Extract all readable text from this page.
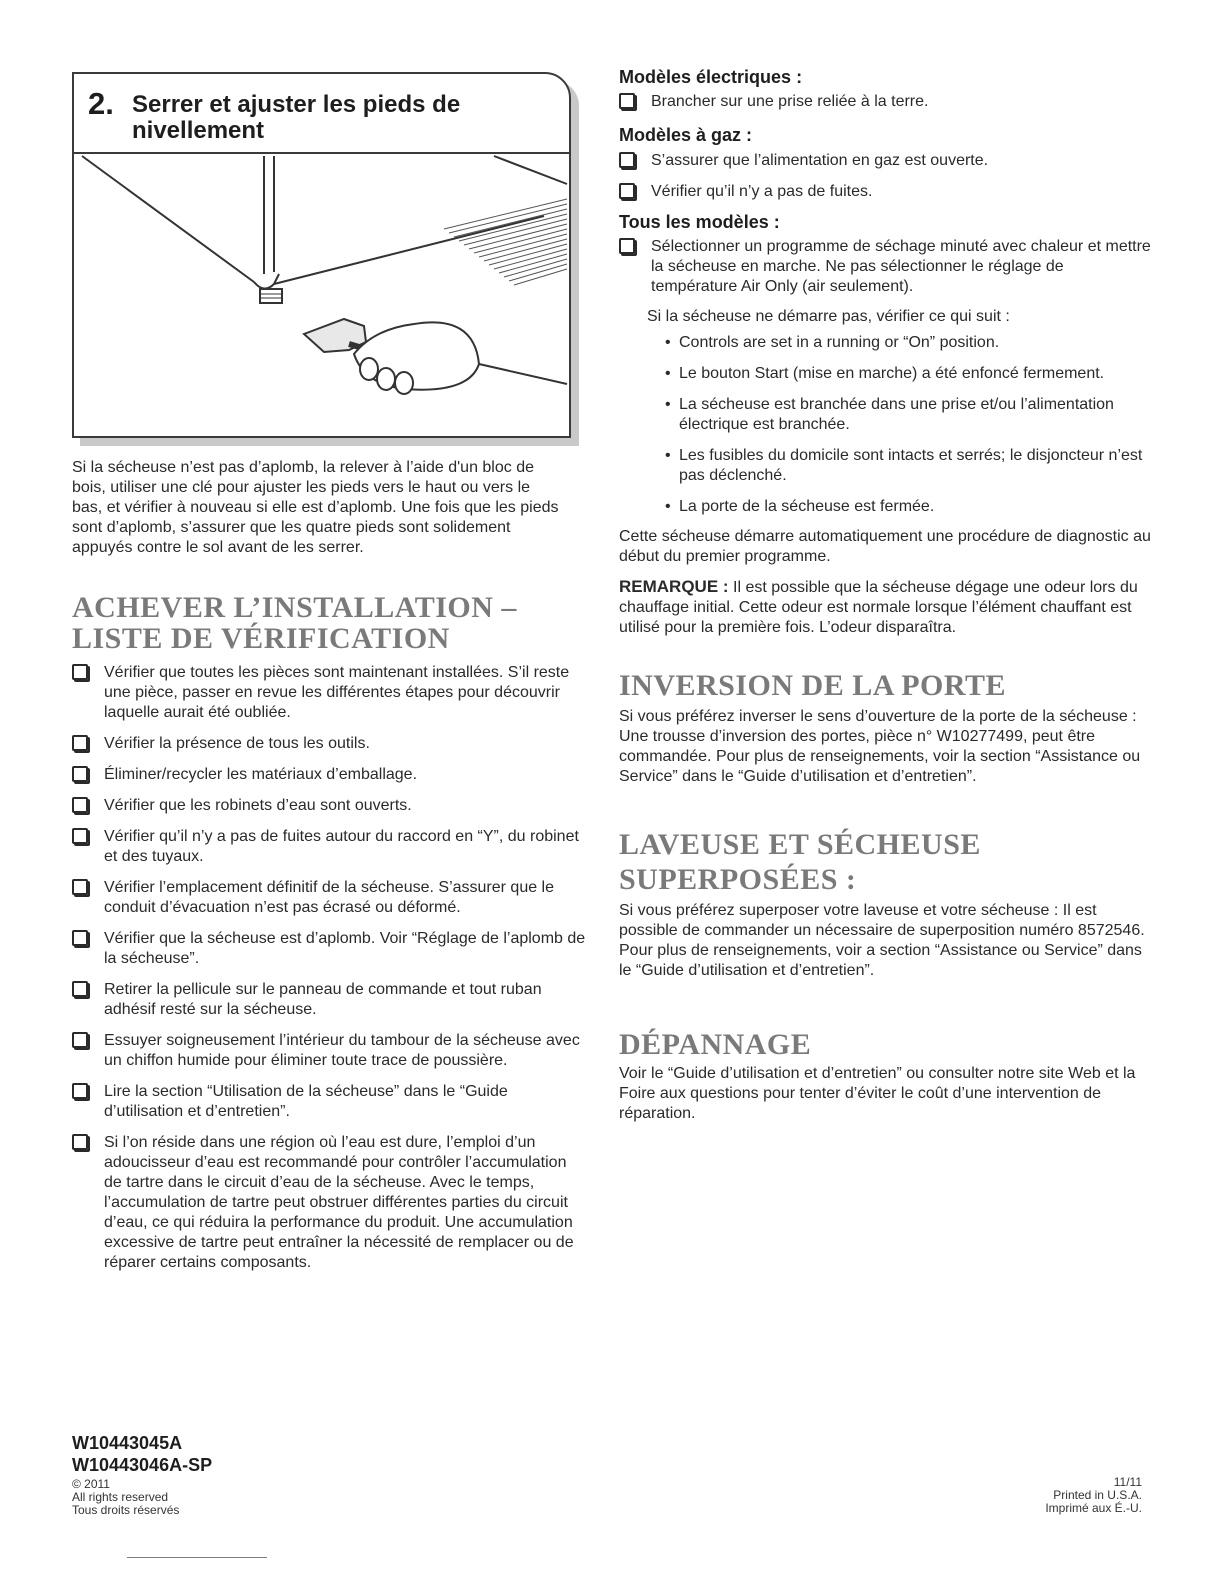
2. Serrer et ajuster les pieds de nivellement

Si la sécheuse n’est pas d’aplomb, la relever à l’aide d'un bloc de bois, utiliser une clé pour ajuster les pieds vers le haut ou vers le bas, et vérifier à nouveau si elle est d’aplomb. Une fois que les pieds sont d’aplomb, s’assurer que les quatre pieds sont solidement appuyés contre le sol avant de les serrer.

ACHEVER L’INSTALLATION –
LISTE DE VÉRIFICATION
Vérifier que toutes les pièces sont maintenant installées. S’il reste une pièce, passer en revue les différentes étapes pour découvrir laquelle aurait été oubliée.
Vérifier la présence de tous les outils.
Éliminer/recycler les matériaux d’emballage.
Vérifier que les robinets d’eau sont ouverts.
Vérifier qu’il n’y a pas de fuites autour du raccord en “Y”, du robinet et des tuyaux.
Vérifier l’emplacement définitif de la sécheuse. S’assurer que le conduit d’évacuation n’est pas écrasé ou déformé.
Vérifier que la sécheuse est d’aplomb. Voir “Réglage de l’aplomb de la sécheuse”.
Retirer la pellicule sur le panneau de commande et tout ruban adhésif resté sur la sécheuse.
Essuyer soigneusement l’intérieur du tambour de la sécheuse avec un chiffon humide pour éliminer toute trace de poussière.
Lire la section “Utilisation de la sécheuse” dans le “Guide d’utilisation et d’entretien”.
Si l’on réside dans une région où l’eau est dure, l’emploi d’un adoucisseur d’eau est recommandé pour contrôler l’accumulation de tartre dans le circuit d’eau de la sécheuse. Avec le temps, l’accumulation de tartre peut obstruer différentes parties du circuit d’eau, ce qui réduira la performance du produit. Une accumulation excessive de tartre peut entraîner la nécessité de remplacer ou de réparer certains composants.
Modèles électriques :
Brancher sur une prise reliée à la terre.
Modèles à gaz :
S’assurer que l’alimentation en gaz est ouverte.
Vérifier qu’il n’y a pas de fuites.
Tous les modèles :
Sélectionner un programme de séchage minuté avec chaleur et mettre la sécheuse en marche. Ne pas sélectionner le réglage de température Air Only (air seulement).

Si la sécheuse ne démarre pas, vérifier ce qui suit :

• Controls are set in a running or “On” position.
• Le bouton Start (mise en marche) a été enfoncé fermement.
• La sécheuse est branchée dans une prise et/ou l’alimentation électrique est branchée.
• Les fusibles du domicile sont intacts et serrés; le disjoncteur n’est pas déclenché.
• La porte de la sécheuse est fermée.

Cette sécheuse démarre automatiquement une procédure de diagnostic au début du premier programme.

REMARQUE : Il est possible que la sécheuse dégage une odeur lors du chauffage initial. Cette odeur est normale lorsque l’élément chauffant est utilisé pour la première fois. L’odeur disparaîtra.

INVERSION DE LA PORTE

Si vous préférez inverser le sens d’ouverture de la porte de la sécheuse : Une trousse d’inversion des portes, pièce n° W10277499, peut être commandée. Pour plus de renseignements, voir la section “Assistance ou Service” dans le “Guide d’utilisation et d’entretien”.

LAVEUSE ET SÉCHEUSE
SUPERPOSÉES :

Si vous préférez superposer votre laveuse et votre sécheuse : Il est possible de commander un nécessaire de superposition numéro 8572546. Pour plus de renseignements, voir a section “Assistance ou Service” dans le “Guide d’utilisation et d’entretien”.

DÉPANNAGE

Voir le “Guide d’utilisation et d’entretien” ou consulter notre site Web et la Foire aux questions pour tenter d’éviter le coût d’une intervention de réparation.

W10443045A
W10443046A-SP
© 2011
All rights reserved
Tous droits réservés
11/11
Printed in U.S.A.
Imprimé aux É.-U.
